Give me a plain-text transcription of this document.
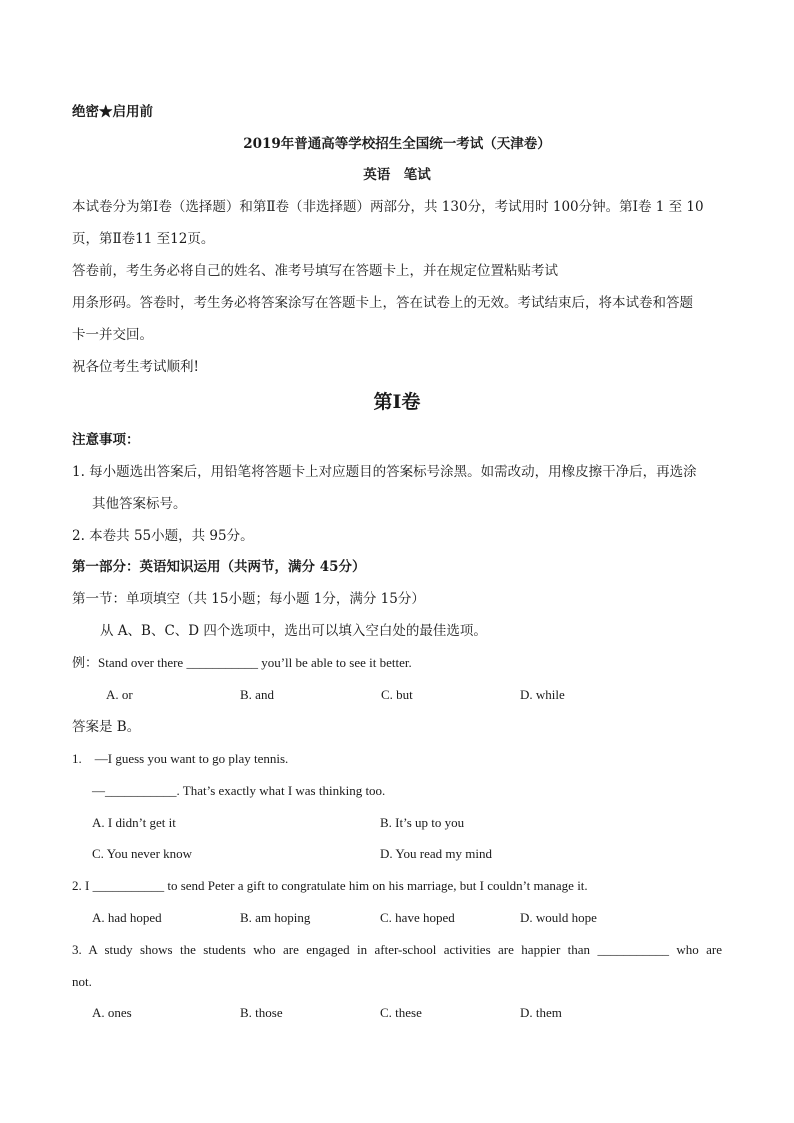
绝密★启用前
2019年普通高等学校招生全国统一考试（天津卷）
英语　笔试
本试卷分为第Ⅰ卷（选择题）和第Ⅱ卷（非选择题）两部分，共 130分，考试用时 100分钟。第Ⅰ卷 1 至 10
页，第Ⅱ卷11 至12页。
答卷前，考生务必将自己的姓名、准考号填写在答题卡上，并在规定位置粘贴考试
用条形码。答卷时，考生务必将答案涂写在答题卡上，答在试卷上的无效。考试结束后，将本试卷和答题
卡一并交回。
祝各位考生考试顺利!
第Ⅰ卷
注意事项：
1. 每小题选出答案后，用铅笔将答题卡上对应题目的答案标号涂黑。如需改动，用橡皮擦干净后，再选涂
其他答案标号。
2. 本卷共 55小题，共 95分。
第一部分：英语知识运用（共两节，满分 45分）
第一节：单项填空（共 15小题；每小题 1分，满分 15分）
从 A、B、C、D 四个选项中，选出可以填入空白处的最佳选项。
例：Stand over there ___________ you’ll be able to see it better.
A. or	B. and	C. but	D. while
答案是 B。
1.　—I guess you want to go play tennis.
—___________. That’s exactly what I was thinking too.
A. I didn’t get it	B. It’s up to you
C. You never know	D. You read my mind
2. I ___________ to send Peter a gift to congratulate him on his marriage, but I couldn’t manage it.
A. had hoped	B. am hoping	C. have hoped	D. would hope
3. A study shows the students who are engaged in after-school activities are happier than ___________ who are
not.
A. ones	B. those	C. these	D. them
